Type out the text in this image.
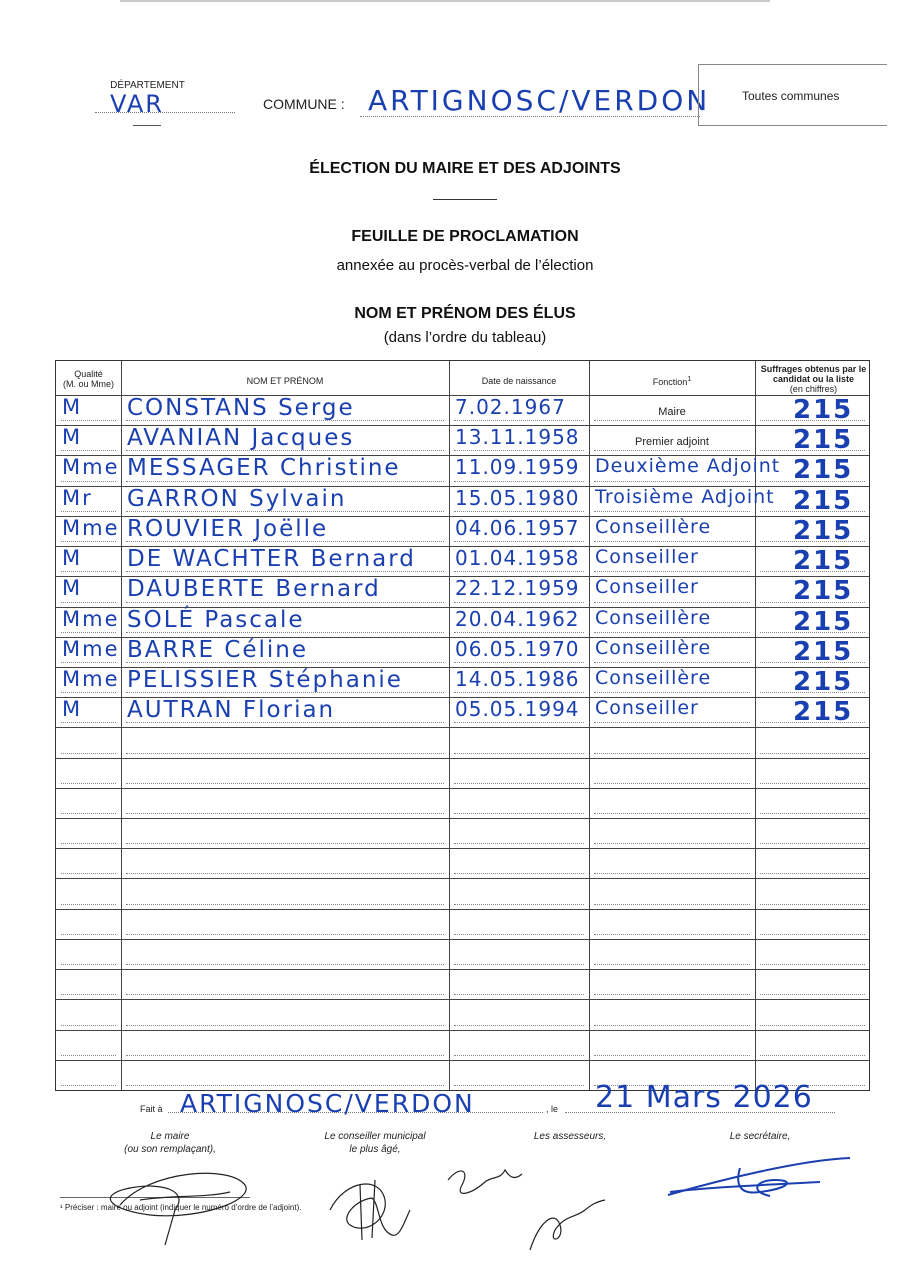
DÉPARTEMENT
VAR	COMMUNE : ARTIGNOSC/VERDON	Toutes communes
ÉLECTION DU MAIRE ET DES ADJOINTS
FEUILLE DE PROCLAMATION
annexée au procès-verbal de l’élection
NOM ET PRÉNOM DES ÉLUS
(dans l’ordre du tableau)
Qualité
(M. ou Mme)	NOM ET PRÉNOM	Date de naissance	Fonction$^1$
Suffrages obtenus par le candidat ou la liste
(en chiffres)
M CONSTANS Serge	7.02.1967	Maire	215
M AVANIAN Jacques	13.11.1958	Premier adjoint	215
Mme MESSAGER Christine	11.09.1959 Deuxième Adjoint 215
Mr GARRON Sylvain	15.05.1980 Troisième Adjoint 215
Mme ROUVIER Joëlle	04.06.1957 Conseillère	215
M DE WACHTER Bernard 01.04.1958 Conseiller	215
M DAUBERTE Bernard	22.12.1959 Conseiller	215
Mme SOLÉ Pascale	20.04.1962 Conseillère	215
Mme BARRE Céline	06.05.1970 Conseillère	215
Mme PELISSIER Stéphanie	14.05.1986 Conseillère	215
M AUTRAN Florian	05.05.1994 Conseiller	215
Fait à ARTIGNOSC/VERDON	, le 21 Mars 2026
Le maire
(ou son remplaçant),
Le conseiller municipal
le plus âgé,
Les assesseurs,	Le secrétaire,
¹ Préciser : maire ou adjoint (indiquer le numéro d’ordre de l’adjoint).
